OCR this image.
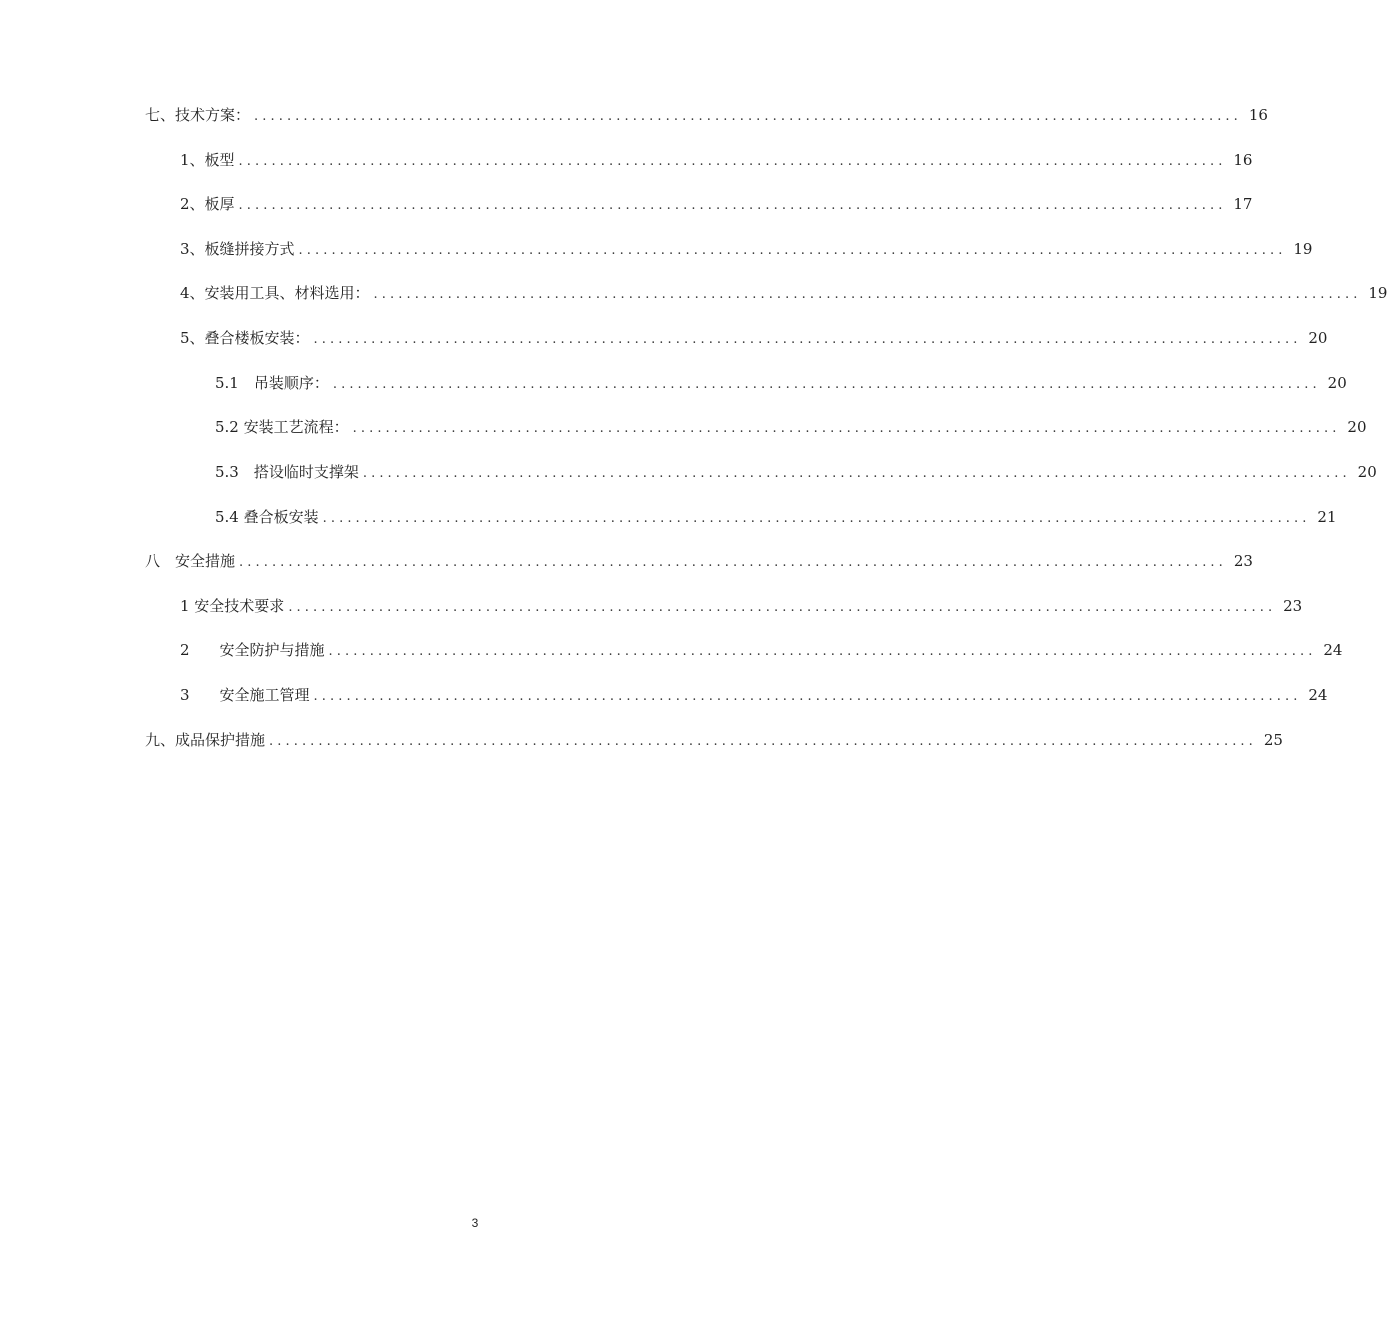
七、技术方案： ........................................................................................................................ 16
1、板型 ........................................................................................................................ 16
2、板厚 ........................................................................................................................ 17
3、板缝拼接方式 ........................................................................................................................ 19
4、安装用工具、材料选用： ........................................................................................................................ 19
5、叠合楼板安装： ........................................................................................................................ 20
5.1　吊装顺序： ........................................................................................................................ 20
5.2 安装工艺流程： ........................................................................................................................ 20
5.3　搭设临时支撑架 ........................................................................................................................ 20
5.4 叠合板安装 ........................................................................................................................ 21
八　安全措施 ........................................................................................................................ 23
1 安全技术要求 ........................................................................................................................ 23
2　　安全防护与措施 ........................................................................................................................ 24
3　　安全施工管理 ........................................................................................................................ 24
九、成品保护措施 ........................................................................................................................ 25
3
